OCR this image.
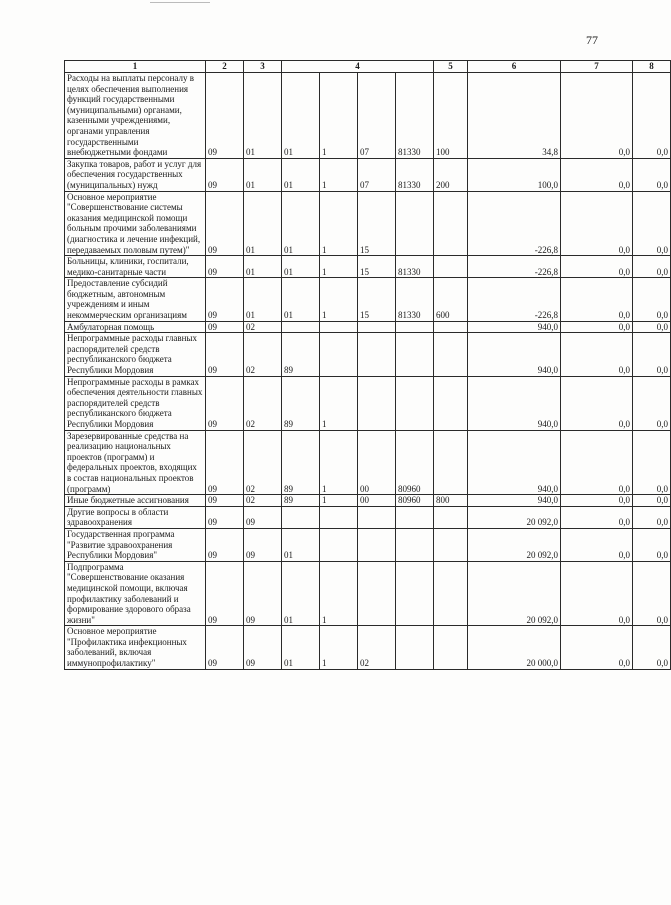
77
1	2	3	4				5	6	7	8
Расходы на выплаты персоналу в целях обеспечения выполнения функций государственными (муниципальными) органами, казенными учреждениями, органами управления государственными внебюджетными фондами	09	01	01	1	07	81330	100	34,8	0,0	0,0
Закупка товаров, работ и услуг для обеспечения государственных (муниципальных) нужд	09	01	01	1	07	81330	200	100,0	0,0	0,0
Основное мероприятие "Совершенствование системы оказания медицинской помощи больным прочими заболеваниями (диагностика и лечение инфекций, передаваемых половым путем)"	09	01	01	1	15			-226,8	0,0	0,0
Больницы, клиники, госпитали, медико-санитарные части	09	01	01	1	15	81330		-226,8	0,0	0,0
Предоставление субсидий бюджетным, автономным учреждениям и иным некоммерческим организациям	09	01	01	1	15	81330	600	-226,8	0,0	0,0
Амбулаторная помощь	09	02						940,0	0,0	0,0
Непрограммные расходы главных распорядителей средств республиканского бюджета Республики Мордовия	09	02	89					940,0	0,0	0,0
Непрограммные расходы в рамках обеспечения деятельности главных распорядителей средств республиканского бюджета Республики Мордовия	09	02	89	1				940,0	0,0	0,0
Зарезервированные средства на реализацию национальных проектов (программ) и федеральных проектов, входящих в состав национальных проектов (программ)	09	02	89	1	00	80960		940,0	0,0	0,0
Иные бюджетные ассигнования	09	02	89	1	00	80960	800	940,0	0,0	0,0
Другие вопросы в области здравоохранения	09	09						20 092,0	0,0	0,0
Государственная программа "Развитие здравоохранения Республики Мордовия"	09	09	01					20 092,0	0,0	0,0
Подпрограмма "Совершенствование оказания медицинской помощи, включая профилактику заболеваний и формирование здорового образа жизни"	09	09	01	1				20 092,0	0,0	0,0
Основное мероприятие "Профилактика инфекционных заболеваний, включая иммунопрофилактику"	09	09	01	1	02			20 000,0	0,0	0,0
